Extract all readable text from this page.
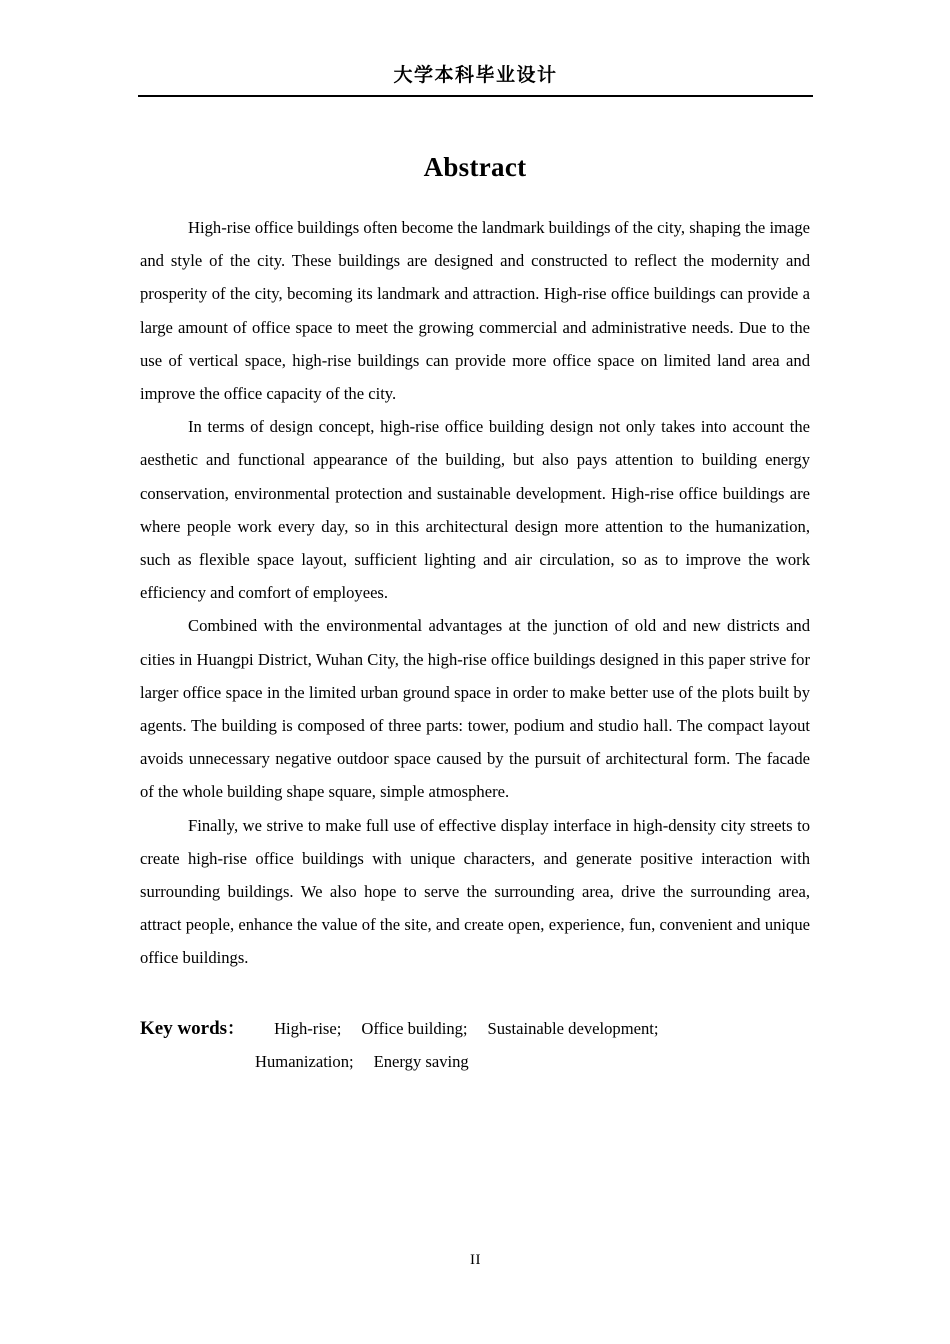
大学本科毕业设计
Abstract

High-rise office buildings often become the landmark buildings of the city, shaping the image and style of the city. These buildings are designed and constructed to reflect the modernity and prosperity of the city, becoming its landmark and attraction. High-rise office buildings can provide a large amount of office space to meet the growing commercial and administrative needs. Due to the use of vertical space, high-rise buildings can provide more office space on limited land area and improve the office capacity of the city.

In terms of design concept, high-rise office building design not only takes into account the aesthetic and functional appearance of the building, but also pays attention to building energy conservation, environmental protection and sustainable development. High-rise office buildings are where people work every day, so in this architectural design more attention to the humanization, such as flexible space layout, sufficient lighting and air circulation, so as to improve the work efficiency and comfort of employees.

Combined with the environmental advantages at the junction of old and new districts and cities in Huangpi District, Wuhan City, the high-rise office buildings designed in this paper strive for larger office space in the limited urban ground space in order to make better use of the plots built by agents. The building is composed of three parts: tower, podium and studio hall. The compact layout avoids unnecessary negative outdoor space caused by the pursuit of architectural form. The facade of the whole building shape square, simple atmosphere.

Finally, we strive to make full use of effective display interface in high-density city streets to create high-rise office buildings with unique characters, and generate positive interaction with surrounding buildings. We also hope to serve the surrounding area, drive the surrounding area, attract people, enhance the value of the site, and create open, experience, fun, convenient and unique office buildings.

Key words： High-rise; Office building; Sustainable development;
Humanization; Energy saving
II
